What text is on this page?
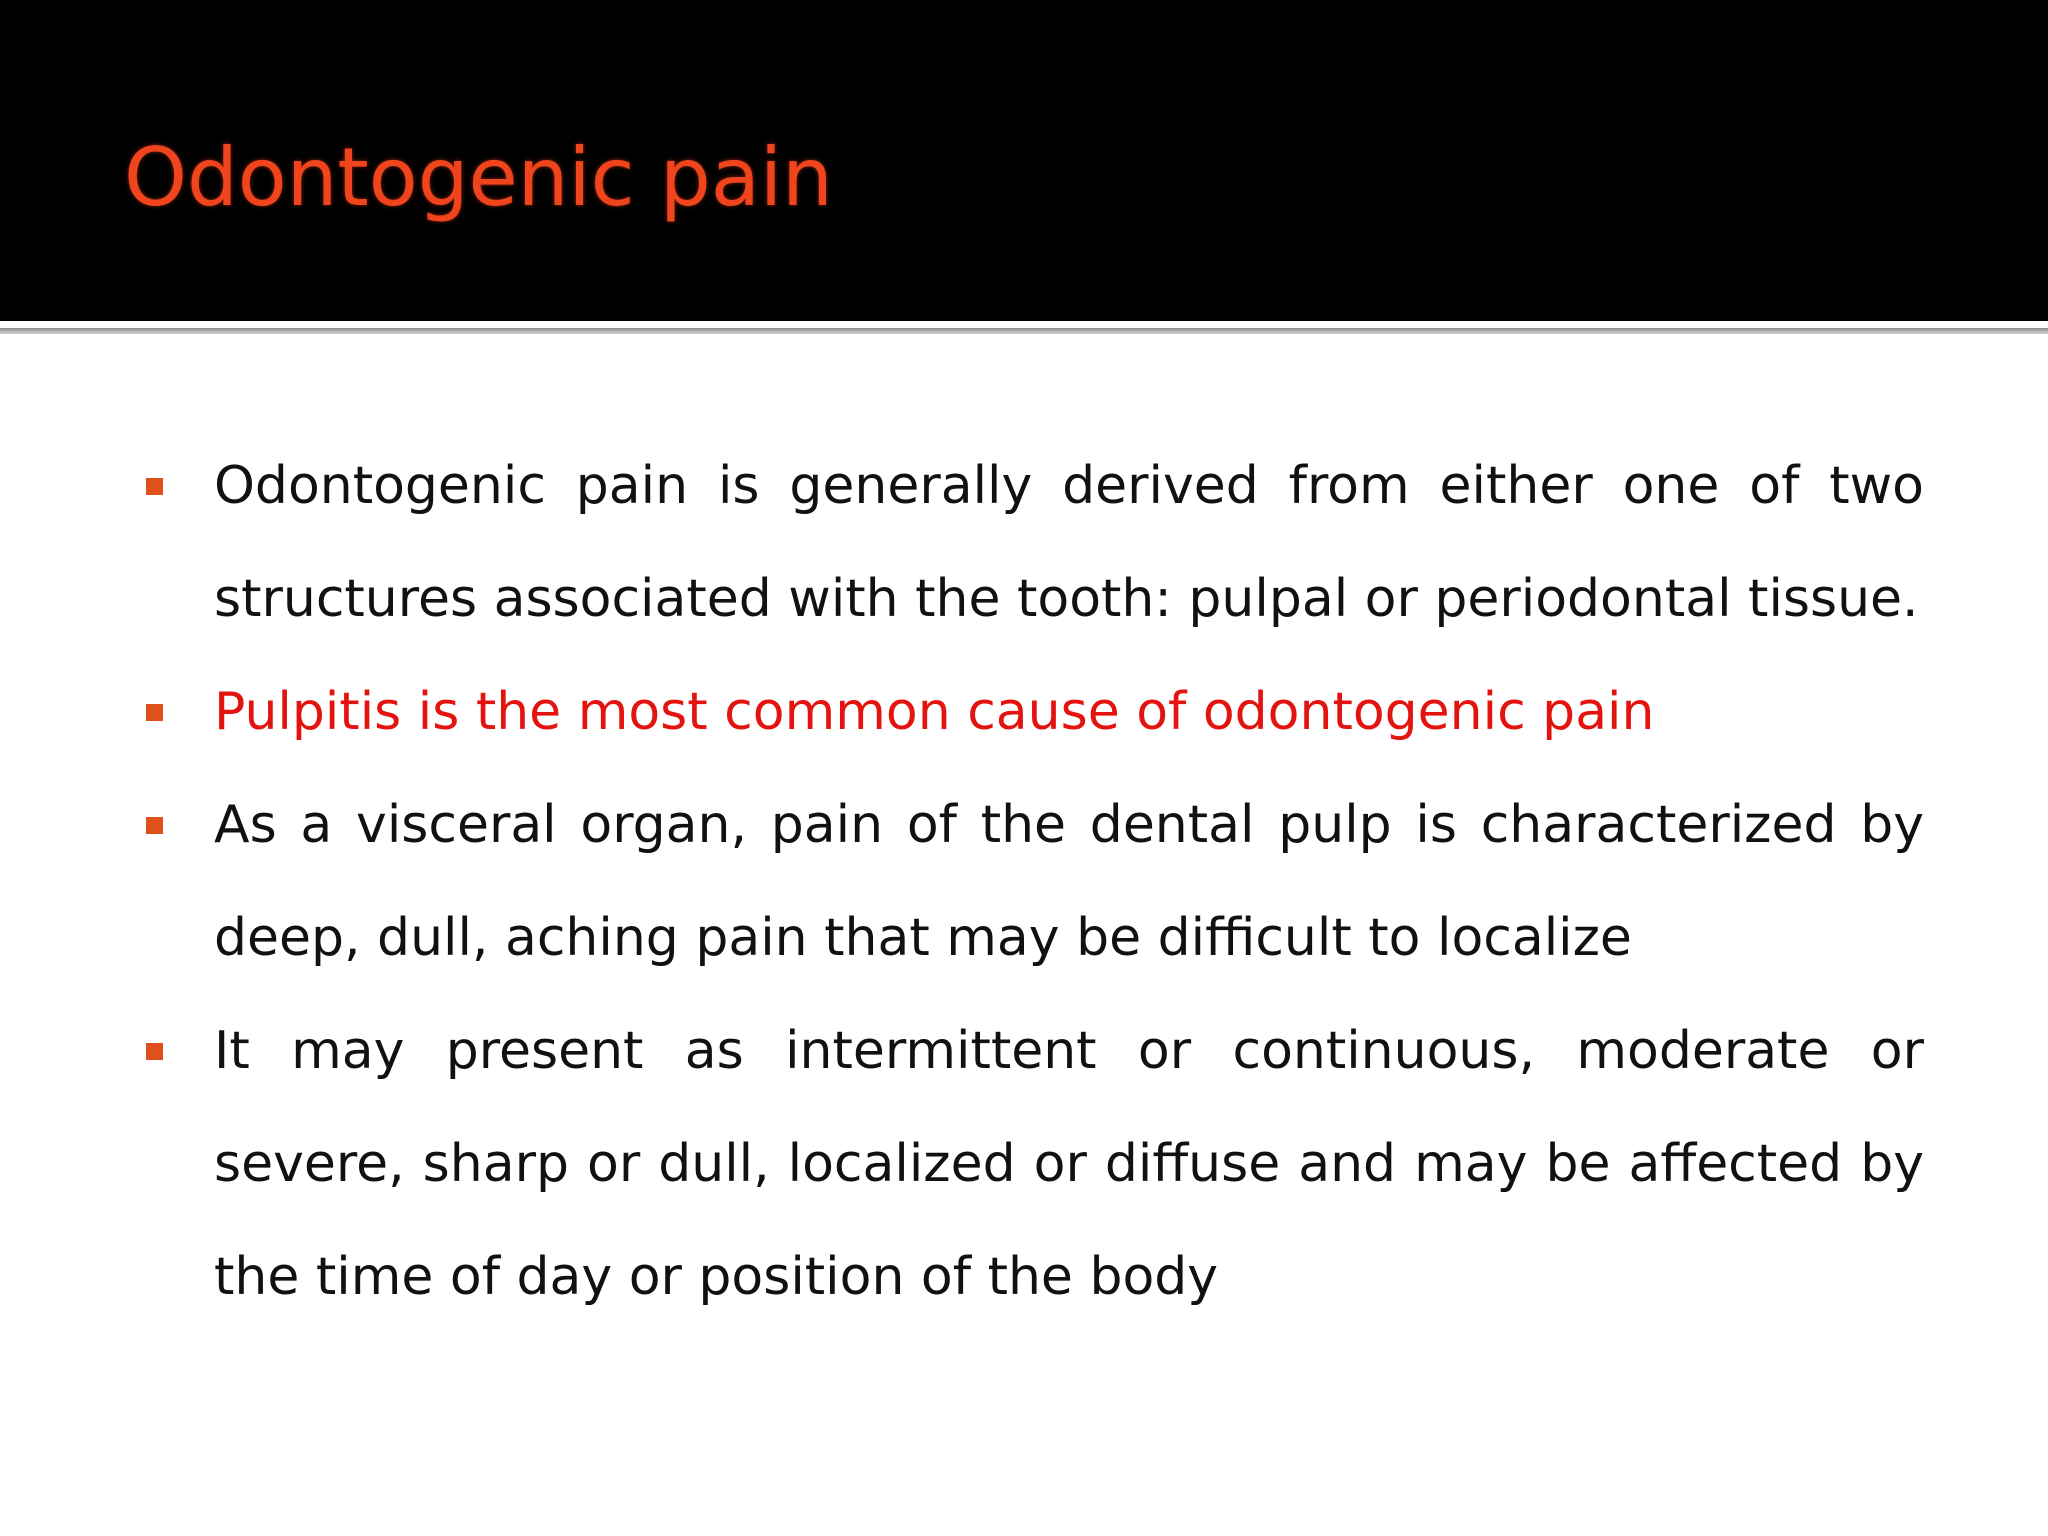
Odontogenic pain
Odontogenic pain is generally derived from either one of two structures associated with the tooth: pulpal or periodontal tissue.
Pulpitis is the most common cause of odontogenic pain
As a visceral organ, pain of the dental pulp is characterized by deep, dull, aching pain that may be difficult to localize
It may present as intermittent or continuous, moderate or severe, sharp or dull, localized or diffuse and may be affected by the time of day or position of the body
